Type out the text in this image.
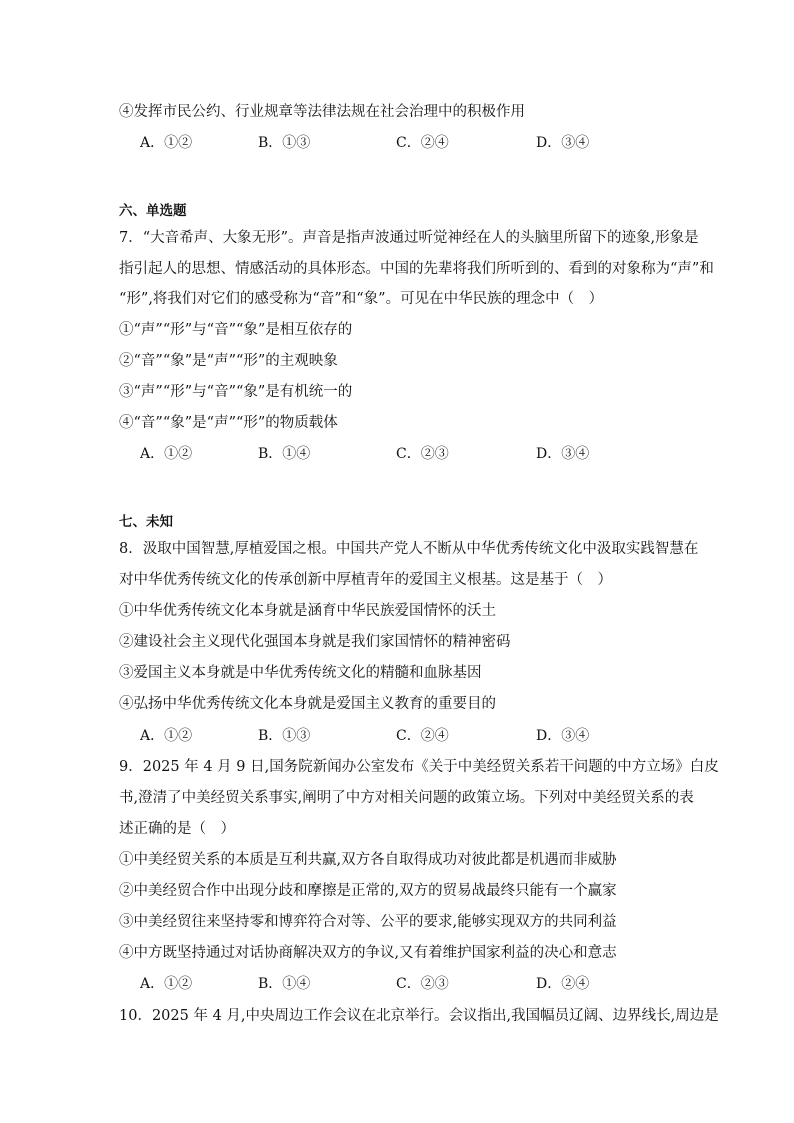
④发挥市民公约、行业规章等法律法规在社会治理中的积极作用
A．①②	B．①③	C．②④	D．③④
六、单选题
7．“大音希声、大象无形”。声音是指声波通过听觉神经在人的头脑里所留下的迹象,形象是
指引起人的思想、情感活动的具体形态。中国的先辈将我们所听到的、看到的对象称为“声”和
“形”,将我们对它们的感受称为“音”和“象”。可见在中华民族的理念中（　）
①“声”“形”与“音”“象”是相互依存的
②“音”“象”是“声”“形”的主观映象
③“声”“形”与“音”“象”是有机统一的
④“音”“象”是“声”“形”的物质载体
A．①②	B．①④	C．②③	D．③④
七、未知
8．汲取中国智慧,厚植爱国之根。中国共产党人不断从中华优秀传统文化中汲取实践智慧在
对中华优秀传统文化的传承创新中厚植青年的爱国主义根基。这是基于（　）
①中华优秀传统文化本身就是涵育中华民族爱国情怀的沃土
②建设社会主义现代化强国本身就是我们家国情怀的精神密码
③爱国主义本身就是中华优秀传统文化的精髓和血脉基因
④弘扬中华优秀传统文化本身就是爱国主义教育的重要目的
A．①②	B．①③	C．②④	D．③④
9．2025 年 4 月 9 日,国务院新闻办公室发布《关于中美经贸关系若干问题的中方立场》白皮
书,澄清了中美经贸关系事实,阐明了中方对相关问题的政策立场。下列对中美经贸关系的表
述正确的是（　）
①中美经贸关系的本质是互利共赢,双方各自取得成功对彼此都是机遇而非威胁
②中美经贸合作中出现分歧和摩擦是正常的,双方的贸易战最终只能有一个赢家
③中美经贸往来坚持零和博弈符合对等、公平的要求,能够实现双方的共同利益
④中方既坚持通过对话协商解决双方的争议,又有着维护国家利益的决心和意志
A．①②	B．①④	C．②③	D．②④
10．2025 年 4 月,中央周边工作会议在北京举行。会议指出,我国幅员辽阔、边界线长,周边是
